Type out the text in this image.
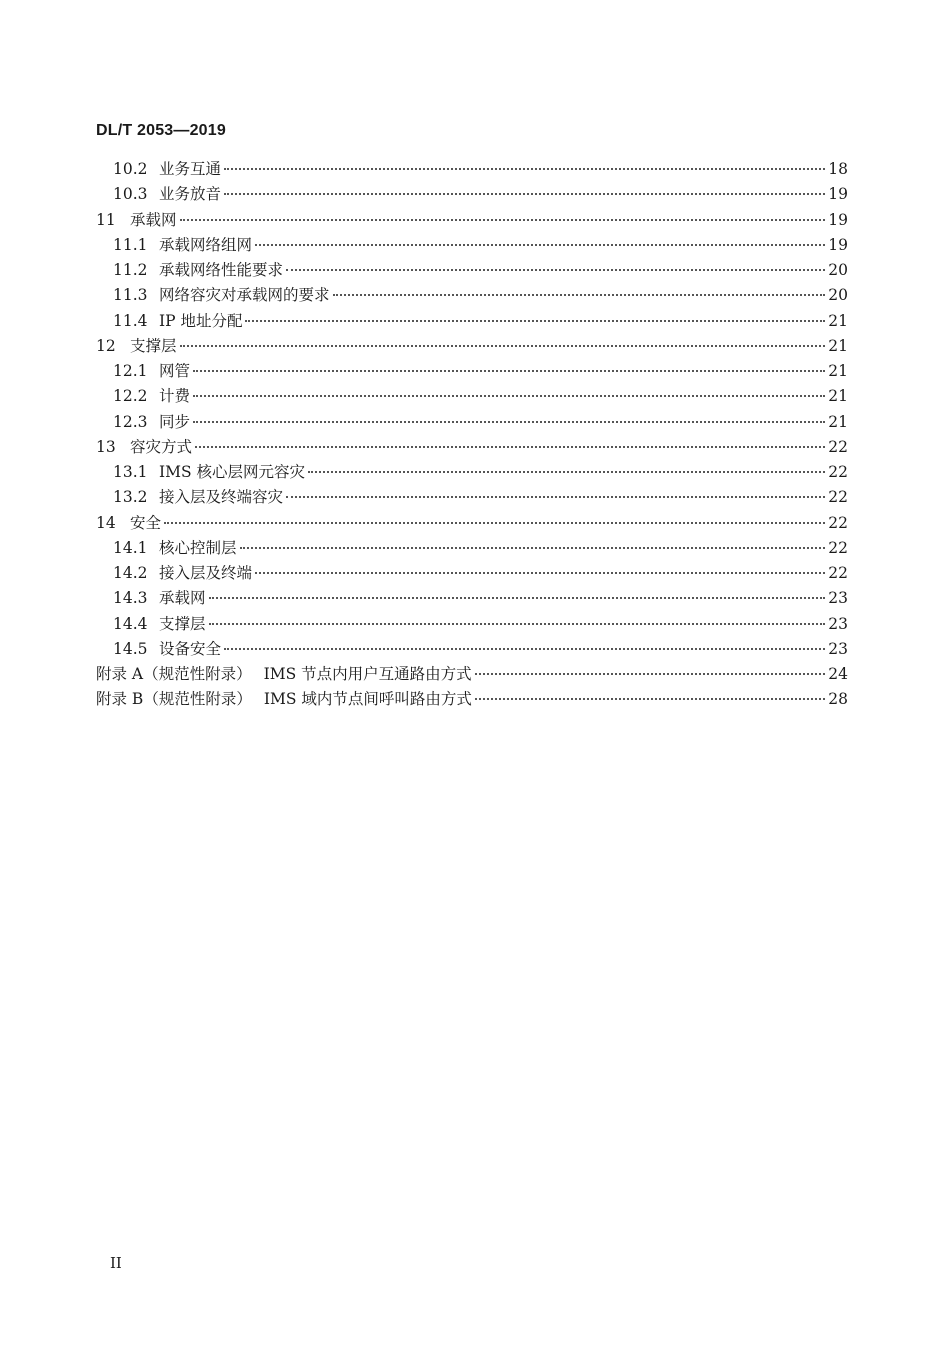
DL/T 2053—2019
10.2 业务互通	18
10.3 业务放音	19
11 承载网	19
11.1 承载网络组网	19
11.2 承载网络性能要求	20
11.3 网络容灾对承载网的要求	20
11.4 IP 地址分配	21
12 支撑层	21
12.1 网管	21
12.2 计费	21
12.3 同步	21
13 容灾方式	22
13.1 IMS 核心层网元容灾	22
13.2 接入层及终端容灾	22
14 安全	22
14.1 核心控制层	22
14.2 接入层及终端	22
14.3 承载网	23
14.4 支撑层	23
14.5 设备安全	23
附录 A（规范性附录） IMS 节点内用户互通路由方式	24
附录 B（规范性附录） IMS 域内节点间呼叫路由方式	28
II
